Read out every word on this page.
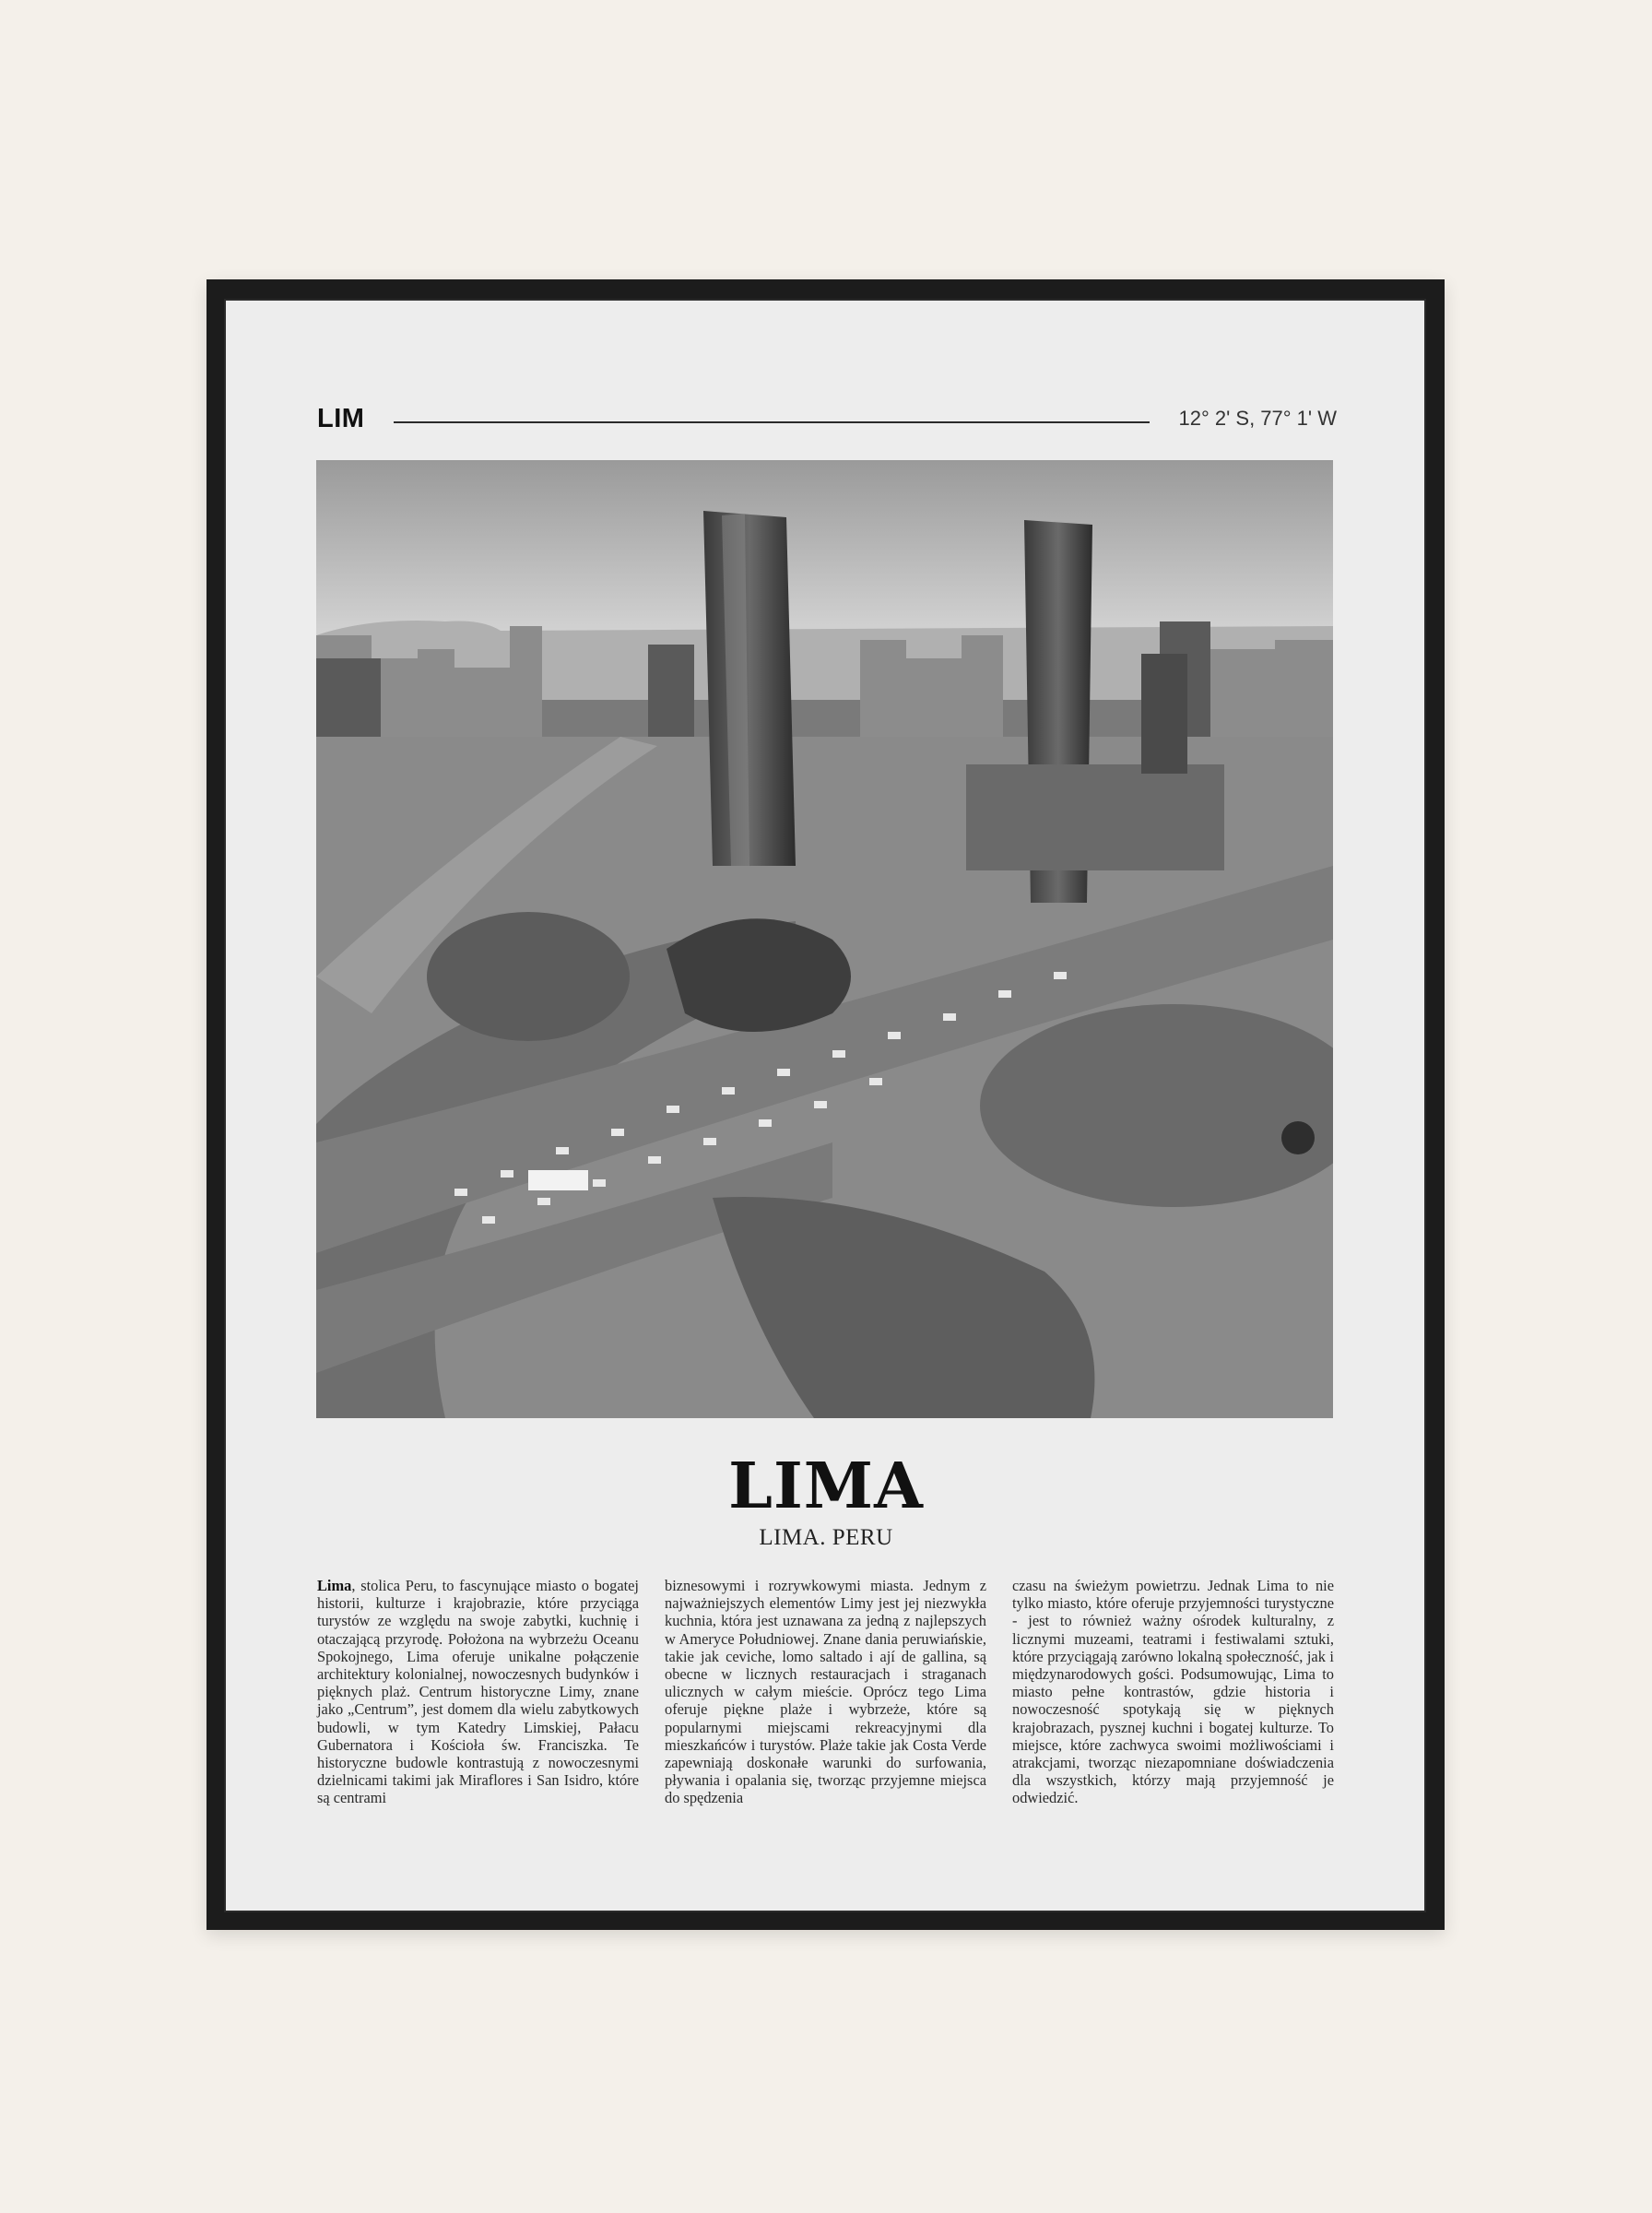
LIM	12° 2' S, 77° 1' W
LIMA
LIMA. PERU
Lima, stolica Peru, to fascynujące miasto o bogatej historii, kulturze i krajobrazie, które przyciąga turystów ze względu na swoje zabytki, kuchnię i otaczającą przyrodę. Położona na wybrzeżu Oceanu Spokojnego, Lima oferuje unikalne połączenie architektury kolonialnej, nowoczesnych budynków i pięknych plaż. Centrum historyczne Limy, znane jako „Centrum”, jest domem dla wielu zabytkowych budowli, w tym Katedry Limskiej, Pałacu Gubernatora i Kościoła św. Franciszka. Te historyczne budowle kontrastują z nowoczesnymi dzielnicami takimi jak Miraflores i San Isidro, które są centrami
biznesowymi i rozrywkowymi miasta. Jednym z najważniejszych elementów Limy jest jej niezwykła kuchnia, która jest uznawana za jedną z najlepszych w Ameryce Południowej. Znane dania peruwiańskie, takie jak ceviche, lomo saltado i ají de gallina, są obecne w licznych restauracjach i straganach ulicznych w całym mieście. Oprócz tego Lima oferuje piękne plaże i wybrzeże, które są popularnymi miejscami rekreacyjnymi dla mieszkańców i turystów. Plaże takie jak Costa Verde zapewniają doskonałe warunki do surfowania, pływania i opalania się, tworząc przyjemne miejsca do spędzenia
czasu na świeżym powietrzu. Jednak Lima to nie tylko miasto, które oferuje przyjemności turystyczne - jest to również ważny ośrodek kulturalny, z licznymi muzeami, teatrami i festiwalami sztuki, które przyciągają zarówno lokalną społeczność, jak i międzynarodowych gości. Podsumowując, Lima to miasto pełne kontrastów, gdzie historia i nowoczesność spotykają się w pięknych krajobrazach, pysznej kuchni i bogatej kulturze. To miejsce, które zachwyca swoimi możliwościami i atrakcjami, tworząc niezapomniane doświadczenia dla wszystkich, którzy mają przyjemność je odwiedzić.
